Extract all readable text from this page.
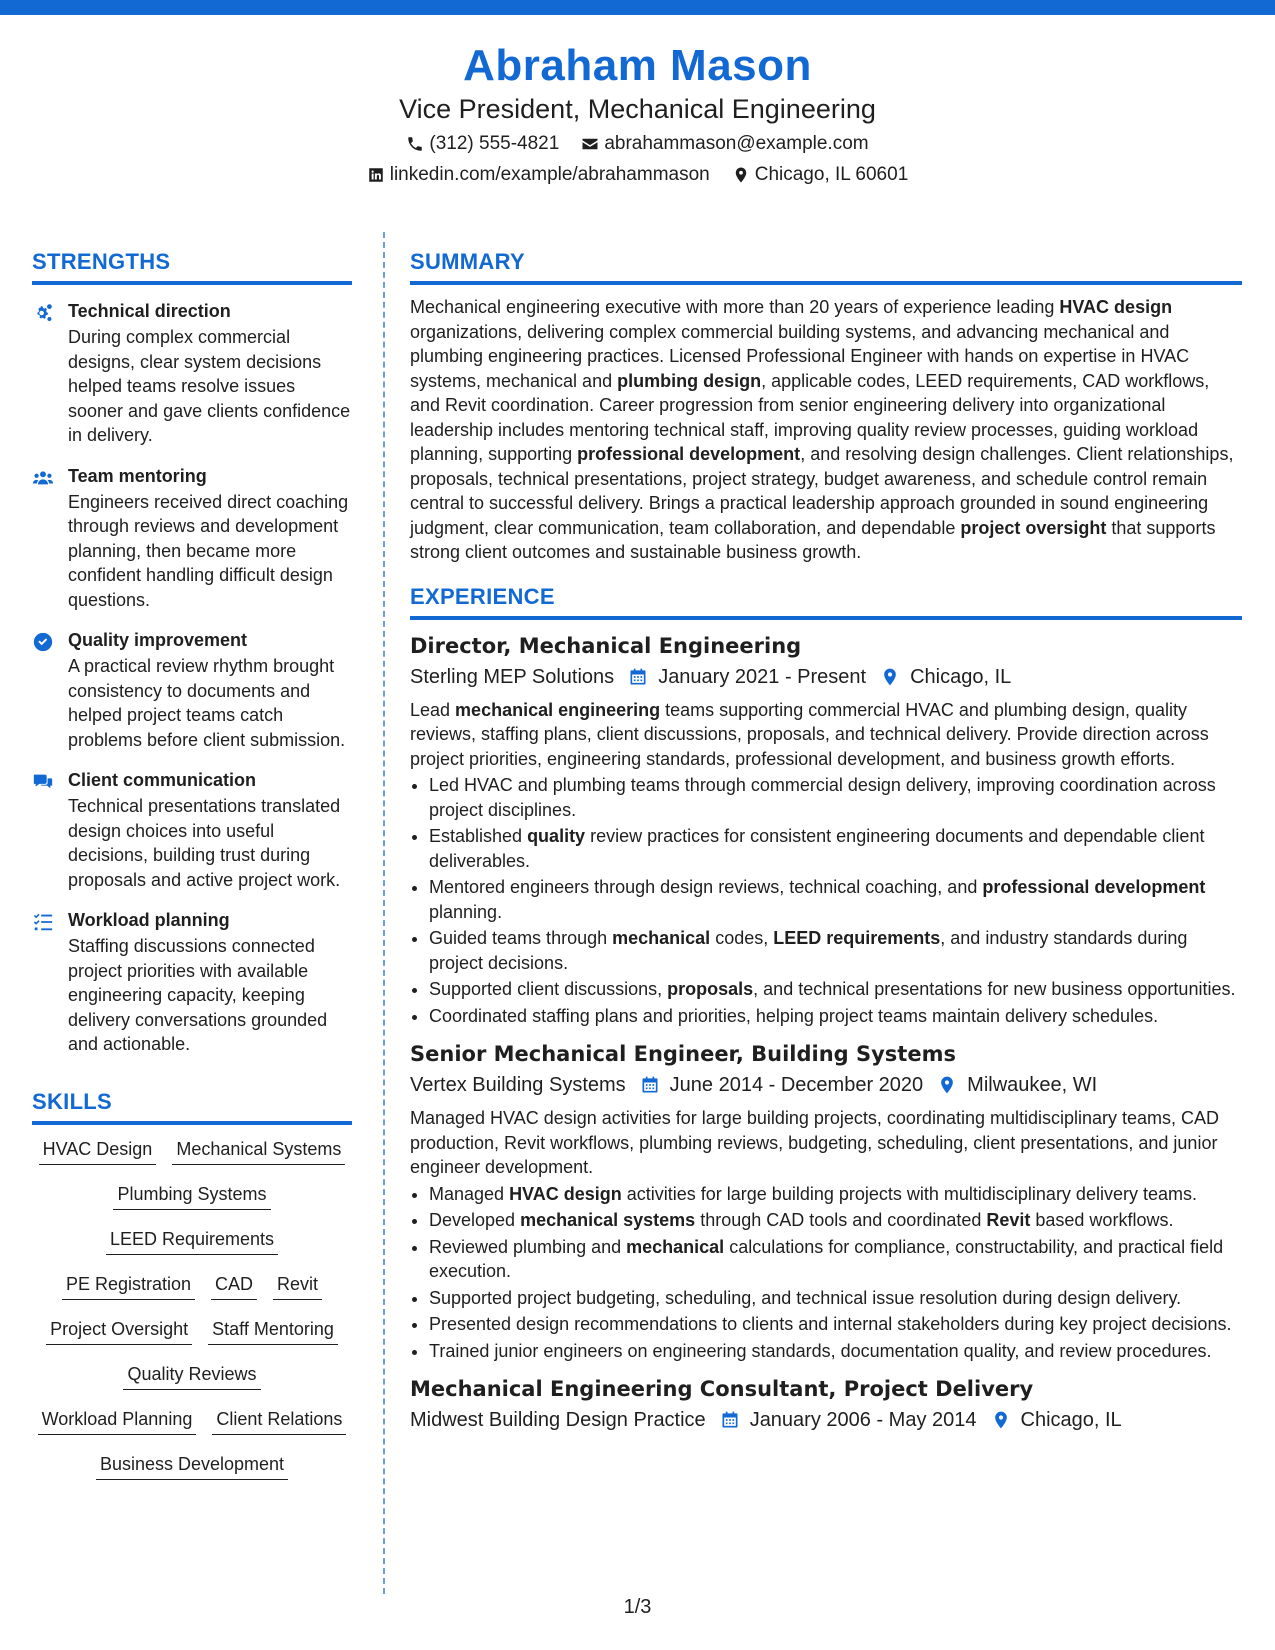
Abraham Mason
Vice President, Mechanical Engineering
(312) 555-4821 abrahammason@example.com
linkedin.com/example/abrahammason Chicago, IL 60601
STRENGTHS
Technical direction
During complex commercial designs, clear system decisions helped teams resolve issues sooner and gave clients confidence in delivery.
Team mentoring
Engineers received direct coaching through reviews and development planning, then became more confident handling difficult design questions.
Quality improvement
A practical review rhythm brought consistency to documents and helped project teams catch problems before client submission.
Client communication
Technical presentations translated design choices into useful decisions, building trust during proposals and active project work.
Workload planning
Staffing discussions connected project priorities with available engineering capacity, keeping delivery conversations grounded and actionable.
SKILLS
HVAC Design Mechanical Systems
Plumbing Systems
LEED Requirements
PE Registration CAD Revit
Project Oversight Staff Mentoring
Quality Reviews
Workload Planning Client Relations
Business Development
SUMMARY
Mechanical engineering executive with more than 20 years of experience leading HVAC design organizations, delivering complex commercial building systems, and advancing mechanical and plumbing engineering practices. Licensed Professional Engineer with hands on expertise in HVAC systems, mechanical and plumbing design, applicable codes, LEED requirements, CAD workflows, and Revit coordination. Career progression from senior engineering delivery into organizational leadership includes mentoring technical staff, improving quality review processes, guiding workload planning, supporting professional development, and resolving design challenges. Client relationships, proposals, technical presentations, project strategy, budget awareness, and schedule control remain central to successful delivery. Brings a practical leadership approach grounded in sound engineering judgment, clear communication, team collaboration, and dependable project oversight that supports strong client outcomes and sustainable business growth.
EXPERIENCE
Director, Mechanical Engineering
Sterling MEP Solutions January 2021 - Present Chicago, IL
Lead mechanical engineering teams supporting commercial HVAC and plumbing design, quality reviews, staffing plans, client discussions, proposals, and technical delivery. Provide direction across project priorities, engineering standards, professional development, and business growth efforts.
• Led HVAC and plumbing teams through commercial design delivery, improving coordination across project disciplines.
• Established quality review practices for consistent engineering documents and dependable client deliverables.
• Mentored engineers through design reviews, technical coaching, and professional development planning.
• Guided teams through mechanical codes, LEED requirements, and industry standards during project decisions.
• Supported client discussions, proposals, and technical presentations for new business opportunities.
• Coordinated staffing plans and priorities, helping project teams maintain delivery schedules.
Senior Mechanical Engineer, Building Systems
Vertex Building Systems June 2014 - December 2020 Milwaukee, WI
Managed HVAC design activities for large building projects, coordinating multidisciplinary teams, CAD production, Revit workflows, plumbing reviews, budgeting, scheduling, client presentations, and junior engineer development.
• Managed HVAC design activities for large building projects with multidisciplinary delivery teams.
• Developed mechanical systems through CAD tools and coordinated Revit based workflows.
• Reviewed plumbing and mechanical calculations for compliance, constructability, and practical field execution.
• Supported project budgeting, scheduling, and technical issue resolution during design delivery.
• Presented design recommendations to clients and internal stakeholders during key project decisions.
• Trained junior engineers on engineering standards, documentation quality, and review procedures.
Mechanical Engineering Consultant, Project Delivery
Midwest Building Design Practice January 2006 - May 2014 Chicago, IL
1/3
